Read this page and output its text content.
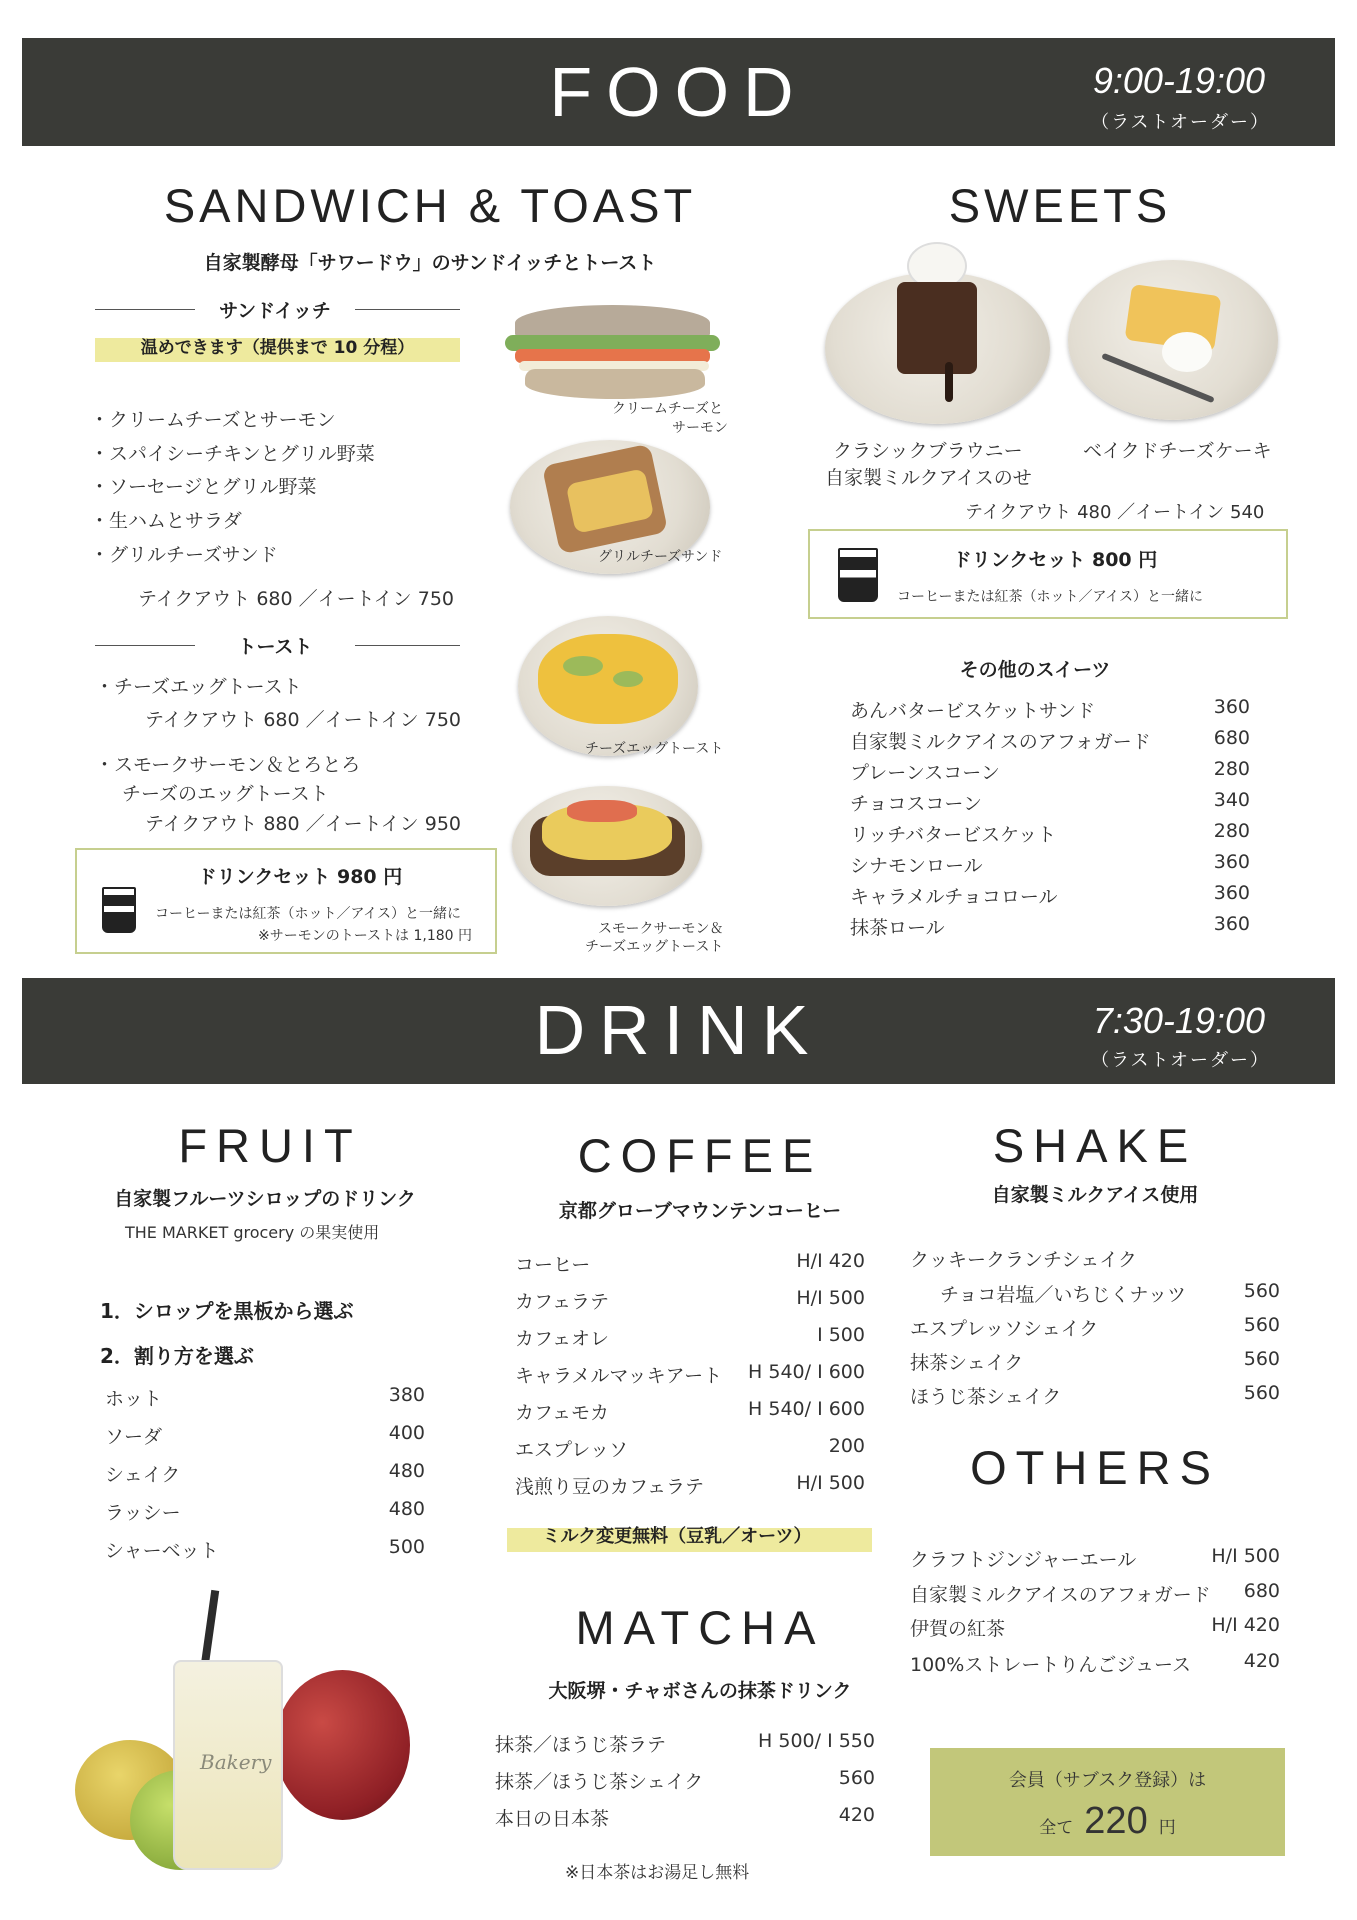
FOOD	9:00-19:00
（ラストオーダー）
SANDWICH & TOAST
自家製酵母「サワードウ」のサンドイッチとトースト
サンドイッチ
温めできます（提供まで 10 分程）
・クリームチーズとサーモン
・スパイシーチキンとグリル野菜
・ソーセージとグリル野菜
・生ハムとサラダ
・グリルチーズサンド
テイクアウト 680 ／イートイン 750
トースト
・チーズエッグトースト
テイクアウト 680 ／イートイン 750
・スモークサーモン＆とろとろ
チーズのエッグトースト
テイクアウト 880 ／イートイン 950
ドリンクセット 980 円
コーヒーまたは紅茶（ホット／アイス）と一緒に
※サーモンのトーストは 1,180 円
クリームチーズと
サーモン
グリルチーズサンド
チーズエッグトースト
スモークサーモン＆
チーズエッグトースト
SWEETS
クラシックブラウニー
自家製ミルクアイスのせ
ベイクドチーズケーキ
テイクアウト 480 ／イートイン 540
ドリンクセット 800 円
コーヒーまたは紅茶（ホット／アイス）と一緒に
その他のスイーツ
あんバタービスケットサンド	360
自家製ミルクアイスのアフォガード	680
プレーンスコーン	280
チョコスコーン	340
リッチバタービスケット	280
シナモンロール	360
キャラメルチョコロール	360
抹茶ロール	360
DRINK	7:30-19:00
（ラストオーダー）
FRUIT
自家製フルーツシロップのドリンク
THE MARKET grocery の果実使用
1．シロップを黒板から選ぶ
2．割り方を選ぶ
ホット	380
ソーダ	400
シェイク	480
ラッシー	480
シャーベット	500
Bakery
COFFEE
京都グローブマウンテンコーヒー
コーヒー	H/I 420
カフェラテ	H/I 500
カフェオレ	I 500
キャラメルマッキアート H 540/ I 600
カフェモカ	H 540/ I 600
エスプレッソ	200
浅煎り豆のカフェラテ	H/I 500
ミルク変更無料（豆乳／オーツ）
MATCHA
大阪堺・チャボさんの抹茶ドリンク
抹茶／ほうじ茶ラテ	H 500/ I 550
抹茶／ほうじ茶シェイク	560
本日の日本茶	420
※日本茶はお湯足し無料
SHAKE
自家製ミルクアイス使用
クッキークランチシェイク
チョコ岩塩／いちじくナッツ	560
エスプレッソシェイク	560
抹茶シェイク	560
ほうじ茶シェイク	560
OTHERS
クラフトジンジャーエール	H/I 500
自家製ミルクアイスのアフォガード 680
伊賀の紅茶	H/I 420
100%ストレートりんごジュース	420
会員（サブスク登録）は
全て 220 円
